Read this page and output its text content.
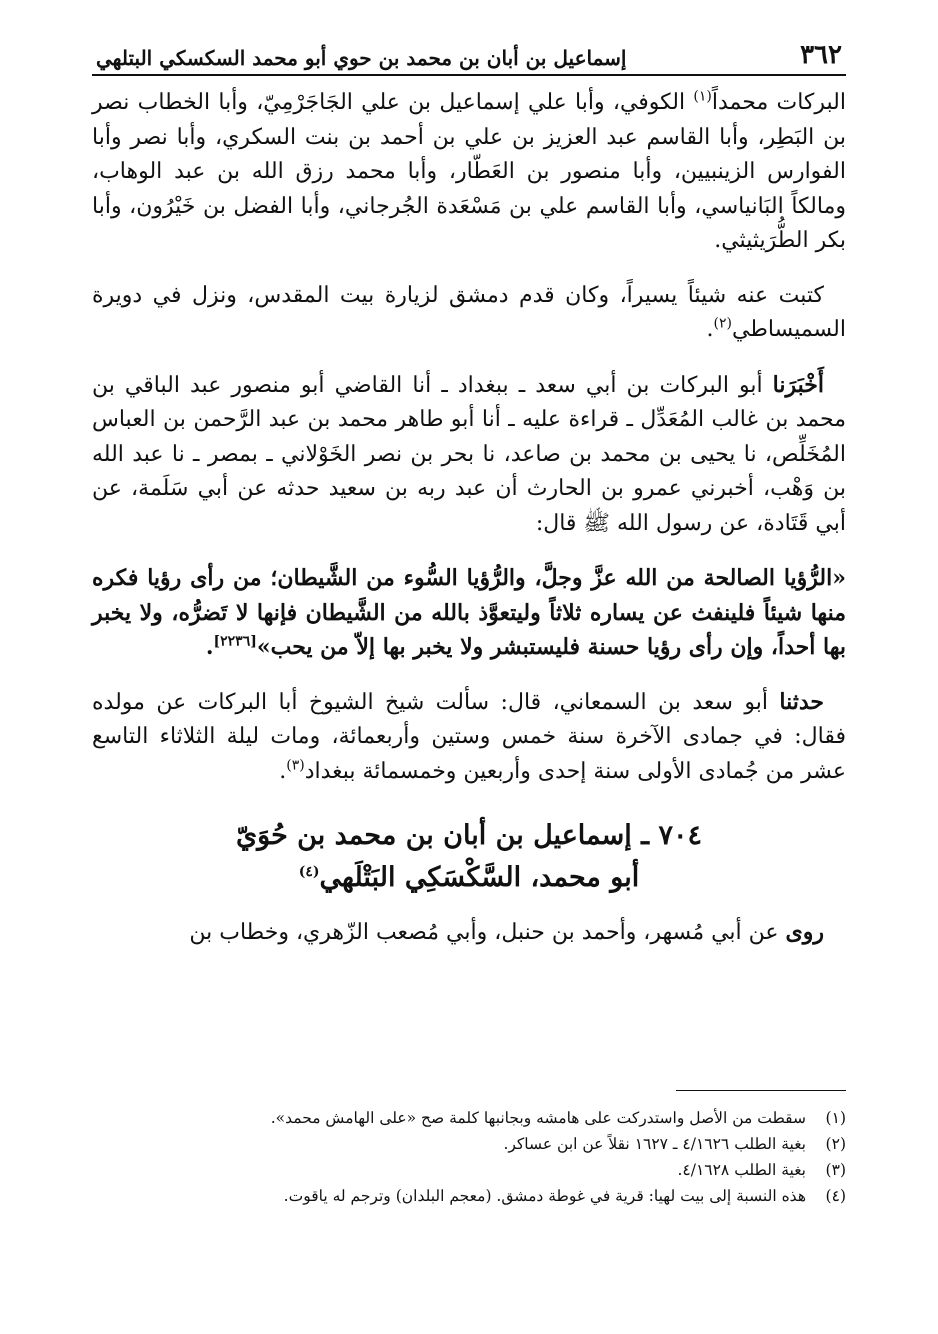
٣٦٢
إسماعيل بن أبان بن محمد بن حوي أبو محمد السكسكي البتلهي

البركات محمداً$^{(١)}$ الكوفي، وأبا علي إسماعيل بن علي الجَاجَرْمِيّ، وأبا الخطاب نصر بن البَطِر، وأبا القاسم عبد العزيز بن علي بن أحمد بن بنت السكري، وأبا نصر وأبا الفوارس الزينبيين، وأبا منصور بن العَطّار، وأبا محمد رزق الله بن عبد الوهاب، ومالكاً البَانياسي، وأبا القاسم علي بن مَسْعَدة الجُرجاني، وأبا الفضل بن خَيْرُون، وأبا بكر الطُّرَيثيثي.

كتبت عنه شيئاً يسيراً، وكان قدم دمشق لزيارة بيت المقدس، ونزل في دويرة السميساطي$^{(٢)}$.

أَخْبَرَنا أبو البركات بن أبي سعد ـ ببغداد ـ أنا القاضي أبو منصور عبد الباقي بن محمد بن غالب المُعَدِّل ـ قراءة عليه ـ أنا أبو طاهر محمد بن عبد الرَّحمن بن العباس المُخَلِّص، نا يحيى بن محمد بن صاعد، نا بحر بن نصر الخَوْلاني ـ بمصر ـ نا عبد الله بن وَهْب، أخبرني عمرو بن الحارث أن عبد ربه بن سعيد حدثه عن أبي سَلَمة، عن أبي قَتَادة، عن رسول الله ﷺ قال:

«الرُّؤيا الصالحة من الله عزَّ وجلَّ، والرُّؤيا السُّوء من الشَّيطان؛ من رأى رؤيا فكره منها شيئاً فلينفث عن يساره ثلاثاً وليتعوَّذ بالله من الشَّيطان فإنها لا تَضرُّه، ولا يخبر بها أحداً، وإن رأى رؤيا حسنة فليستبشر ولا يخبر بها إلاّ من يحب»[٢٢٣٦].

حدثنا أبو سعد بن السمعاني، قال: سألت شيخ الشيوخ أبا البركات عن مولده فقال: في جمادى الآخرة سنة خمس وستين وأربعمائة، ومات ليلة الثلاثاء التاسع عشر من جُمادى الأولى سنة إحدى وأربعين وخمسمائة ببغداد$^{(٣)}$.

٧٠٤ ـ إسماعيل بن أبان بن محمد بن حُوَيّ
أبو محمد، السَّكْسَكِي البَتْلَهي$^{(٤)}$

روى عن أبي مُسهر، وأحمد بن حنبل، وأبي مُصعب الزّهري، وخطاب بن

(١)
سقطت من الأصل واستدركت على هامشه وبجانبها كلمة صح «على الهامش محمد».
(٢)
بغية الطلب ٤/١٦٢٦ ـ ١٦٢٧ نقلاً عن ابن عساكر.
(٣)
بغية الطلب ٤/١٦٢٨.
(٤)
هذه النسبة إلى بيت لهيا: قرية في غوطة دمشق. (معجم البلدان) وترجم له ياقوت.
